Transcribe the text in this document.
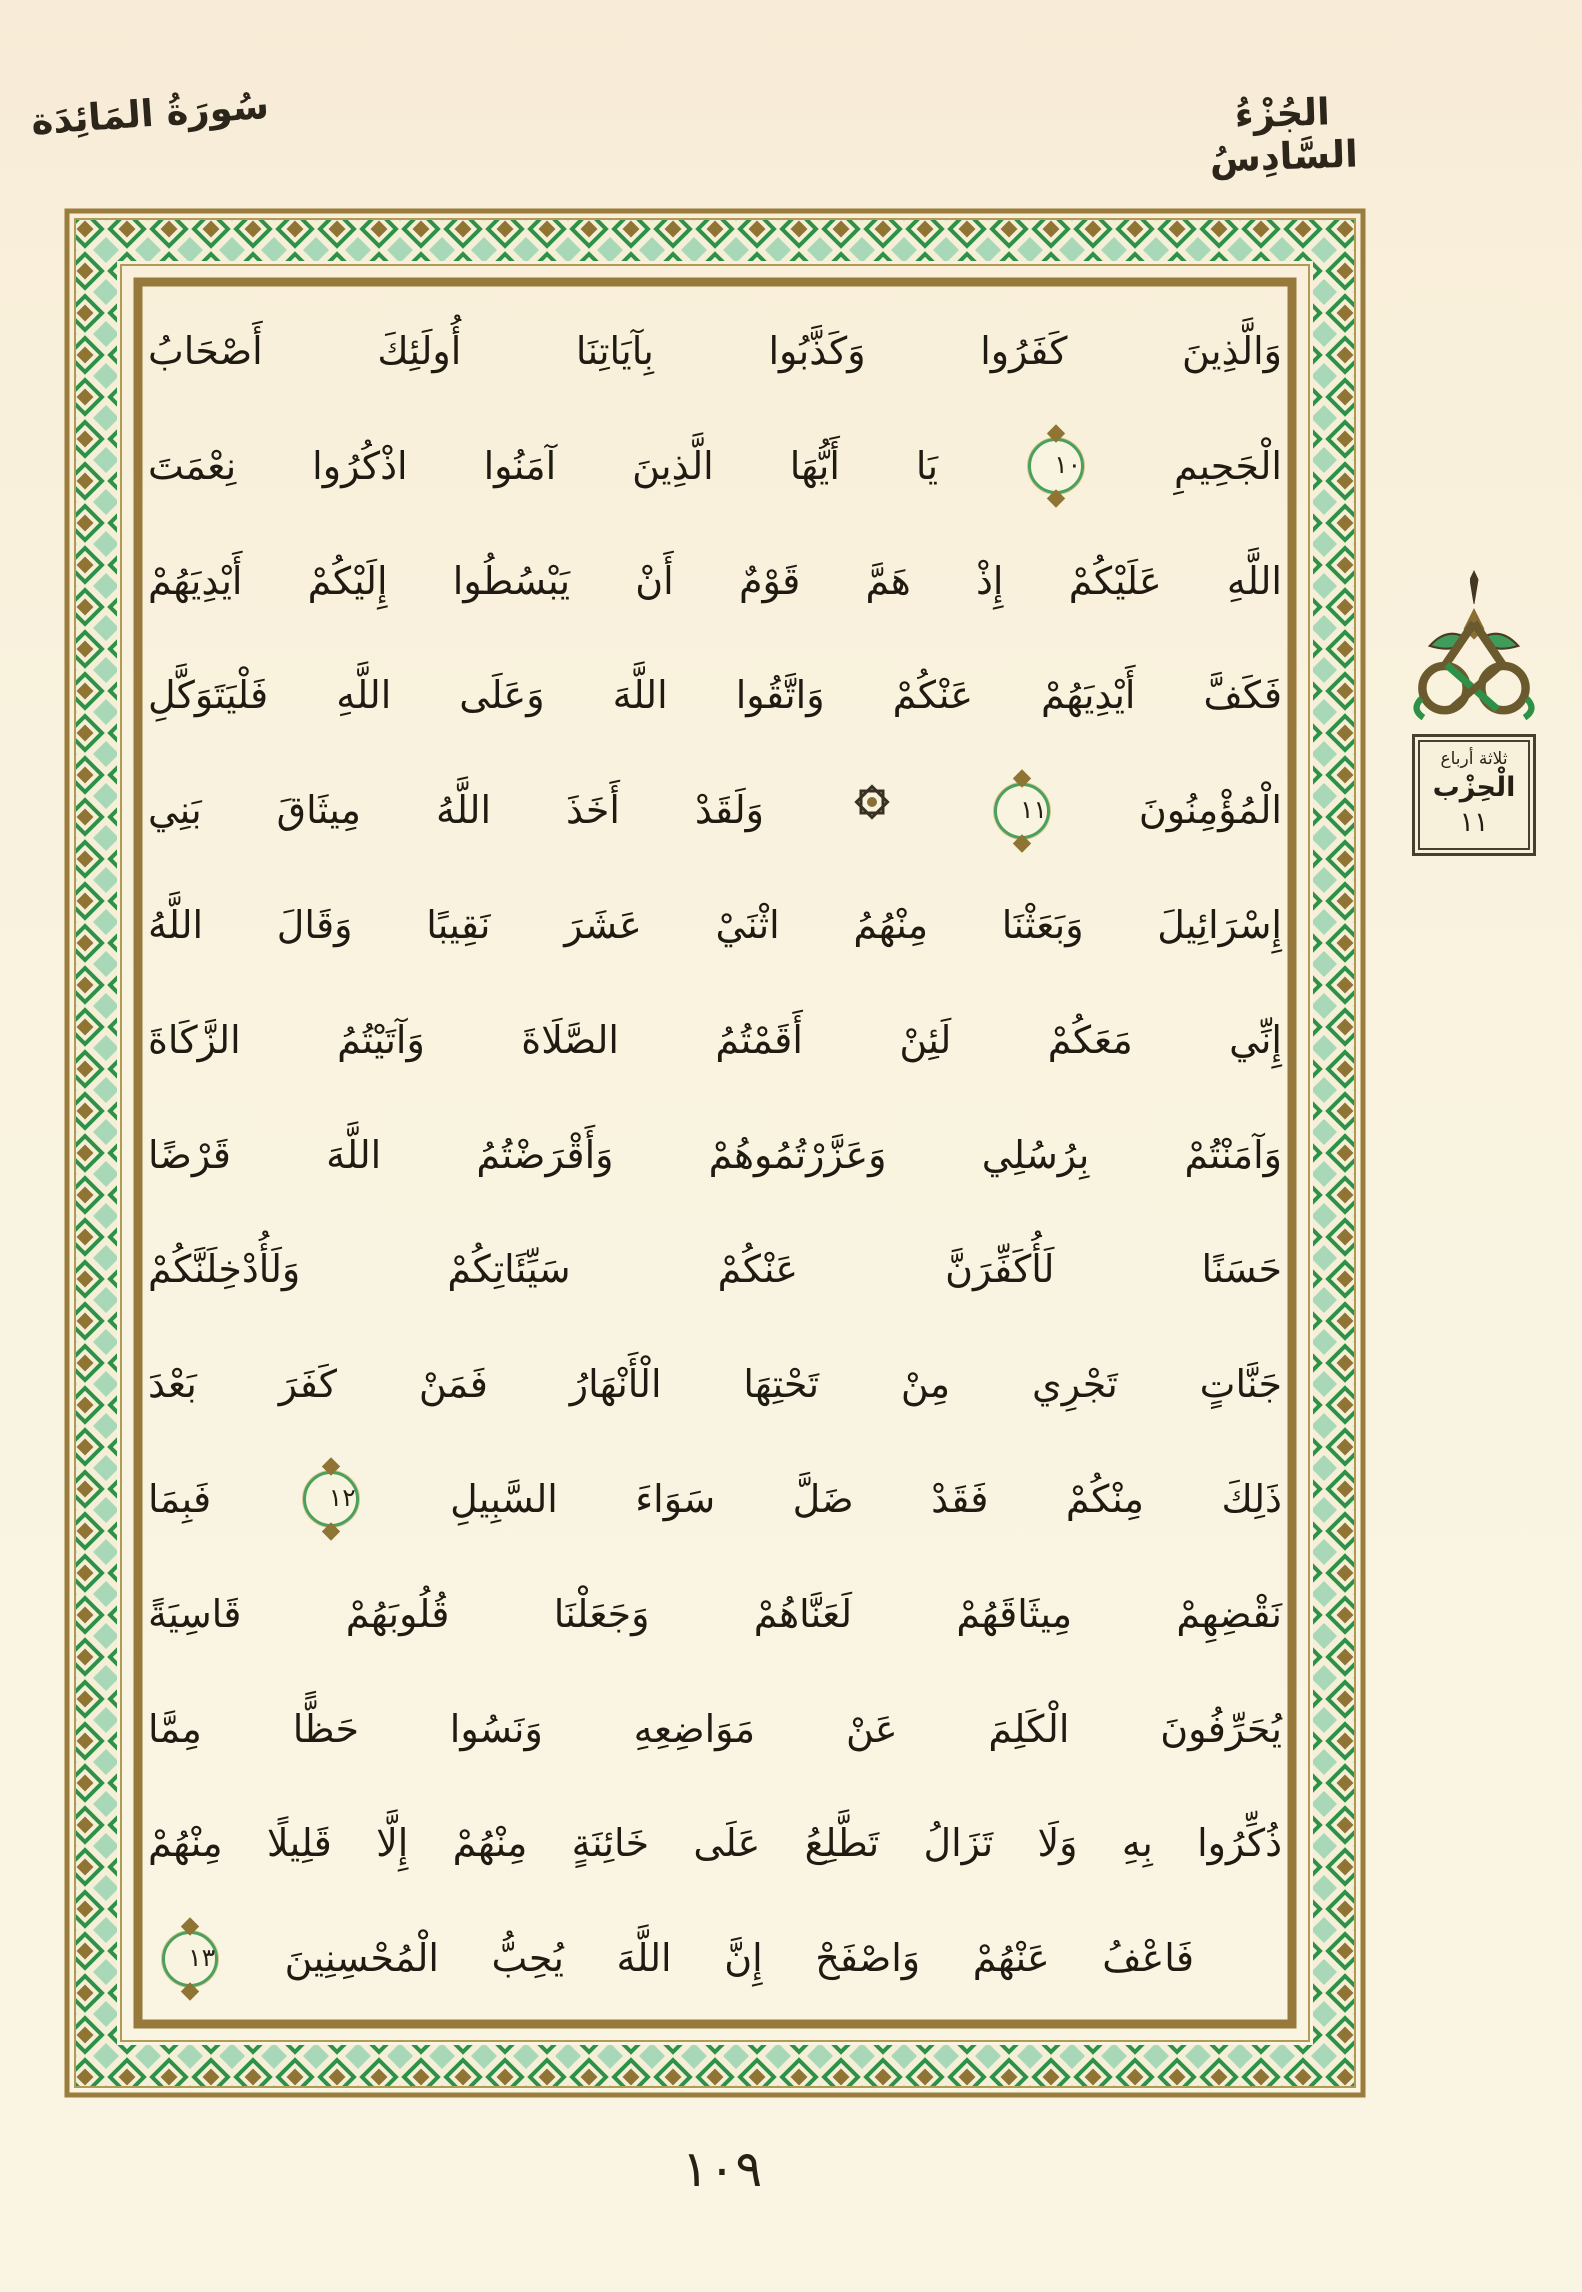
سُورَةُ المَائِدَة	الجُزْءُ السَّادِسُ
وَالَّذِينَ كَفَرُوا وَكَذَّبُوا بِآيَاتِنَا أُولَئِكَ أَصْحَابُ
الْجَحِيمِ
١٠
يَا أَيُّهَا الَّذِينَ آمَنُوا اذْكُرُوا نِعْمَتَ
اللَّهِ عَلَيْكُمْ إِذْ هَمَّ قَوْمٌ أَنْ يَبْسُطُوا إِلَيْكُمْ أَيْدِيَهُمْ
فَكَفَّ أَيْدِيَهُمْ عَنْكُمْ وَاتَّقُوا اللَّهَ وَعَلَى اللَّهِ فَلْيَتَوَكَّلِ
الْمُؤْمِنُونَ
١١
وَلَقَدْ أَخَذَ اللَّهُ مِيثَاقَ بَنِي
إِسْرَائِيلَ وَبَعَثْنَا مِنْهُمُ اثْنَيْ عَشَرَ نَقِيبًا وَقَالَ اللَّهُ
إِنِّي مَعَكُمْ لَئِنْ أَقَمْتُمُ الصَّلَاةَ وَآتَيْتُمُ الزَّكَاةَ
وَآمَنْتُمْ بِرُسُلِي وَعَزَّرْتُمُوهُمْ وَأَقْرَضْتُمُ اللَّهَ قَرْضًا
حَسَنًا لَأُكَفِّرَنَّ عَنْكُمْ سَيِّئَاتِكُمْ وَلَأُدْخِلَنَّكُمْ
جَنَّاتٍ تَجْرِي مِنْ تَحْتِهَا الْأَنْهَارُ فَمَنْ كَفَرَ بَعْدَ
ذَلِكَ مِنْكُمْ فَقَدْ ضَلَّ سَوَاءَ السَّبِيلِ
١٢
فَبِمَا
نَقْضِهِمْ مِيثَاقَهُمْ لَعَنَّاهُمْ وَجَعَلْنَا قُلُوبَهُمْ قَاسِيَةً
يُحَرِّفُونَ الْكَلِمَ عَنْ مَوَاضِعِهِ وَنَسُوا حَظًّا مِمَّا
ذُكِّرُوا بِهِ وَلَا تَزَالُ تَطَّلِعُ عَلَى خَائِنَةٍ مِنْهُمْ إِلَّا قَلِيلًا مِنْهُمْ
فَاعْفُ عَنْهُمْ وَاصْفَحْ إِنَّ اللَّهَ يُحِبُّ الْمُحْسِنِينَ
١٣
ثلاثة أرباع
الْحِزْب
١١
١٠٩
